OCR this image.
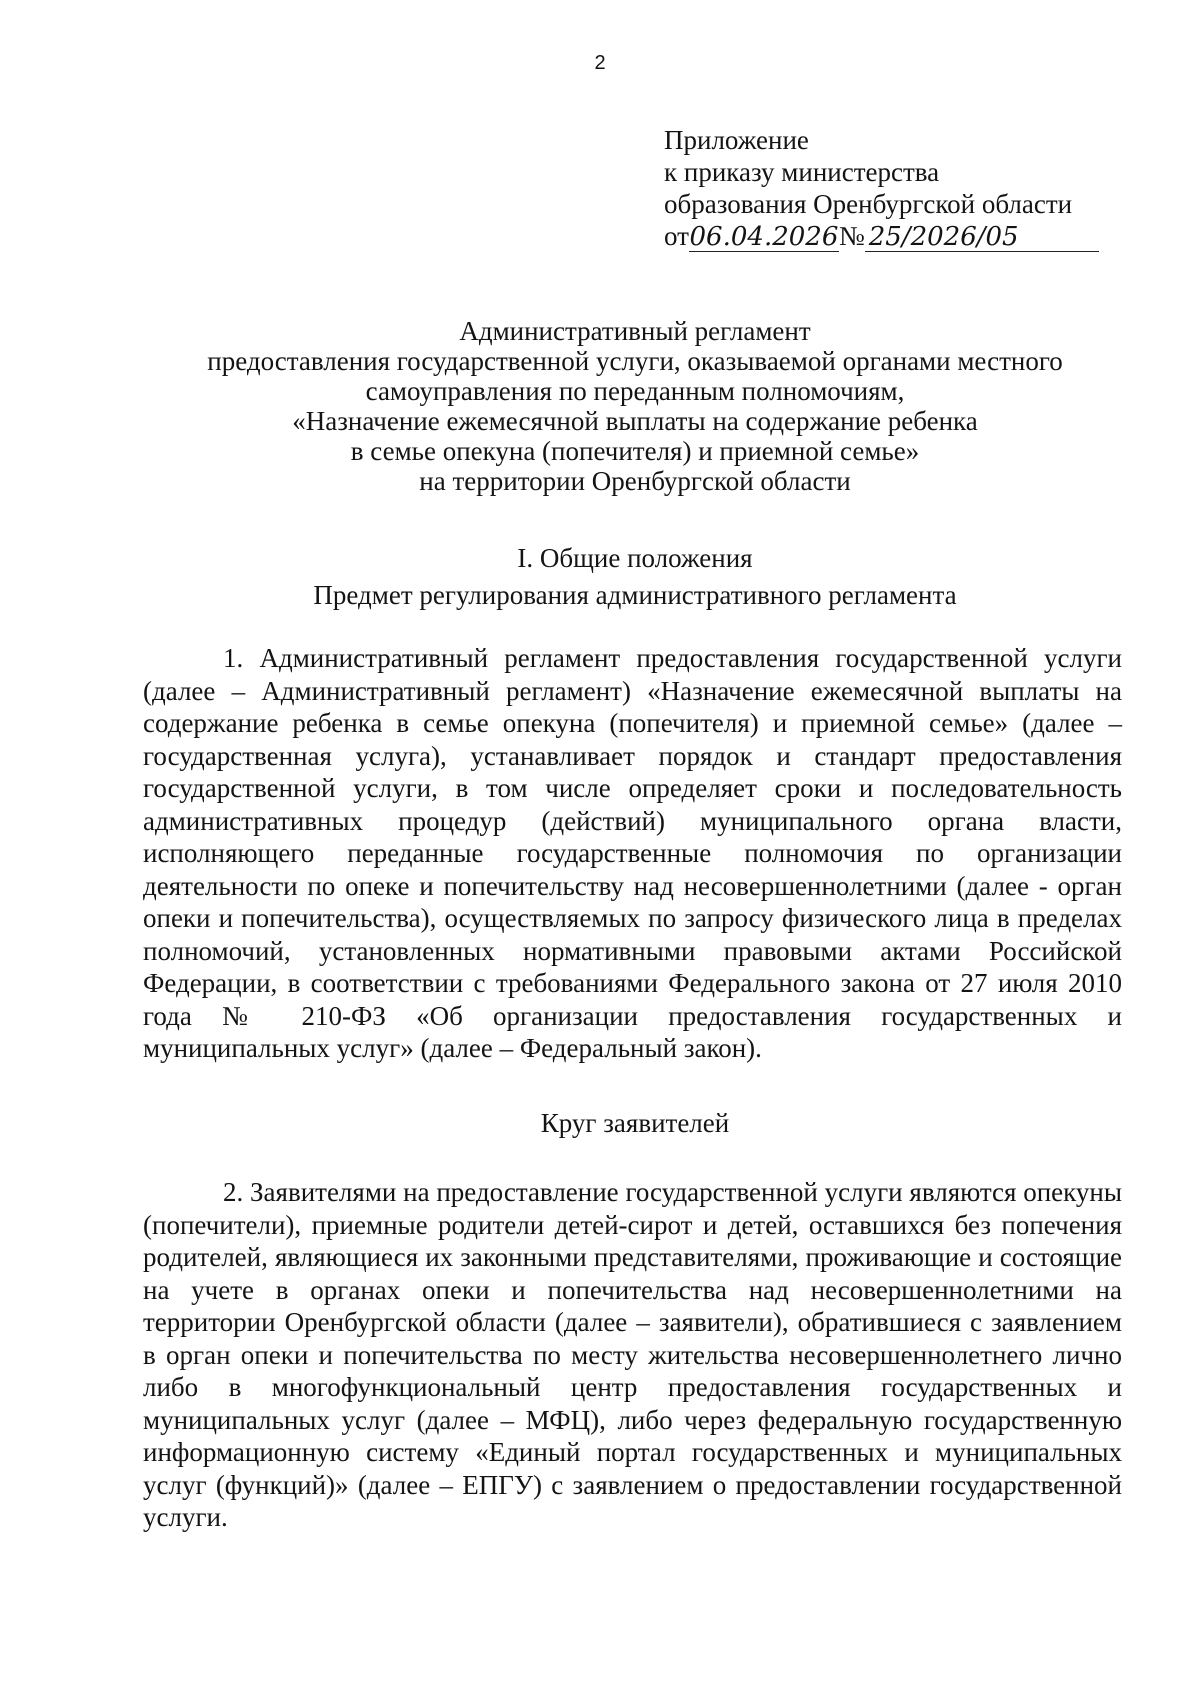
2
Приложение
к приказу министерства
образования Оренбургской области
от06.04.2026№ 25/2026/05
Административный регламент
предоставления государственной услуги, оказываемой органами местного
самоуправления по переданным полномочиям,
«Назначение ежемесячной выплаты на содержание ребенка
в семье опекуна (попечителя) и приемной семье»
на территории Оренбургской области
I. Общие положения
Предмет регулирования административного регламента
1. Административный регламент предоставления государственной услуги (далее – Административный регламент) «Назначение ежемесячной выплаты на содержание ребенка в семье опекуна (попечителя) и приемной семье» (далее – государственная услуга), устанавливает порядок и стандарт предоставления государственной услуги, в том числе определяет сроки и последовательность административных процедур (действий) муниципального органа власти, исполняющего переданные государственные полномочия по организации деятельности по опеке и попечительству над несовершеннолетними (далее - орган опеки и попечительства), осуществляемых по запросу физического лица в пределах полномочий, установленных нормативными правовыми актами Российской Федерации, в соответствии с требованиями Федерального закона от 27 июля 2010 года № 210-ФЗ «Об организации предоставления государственных и муниципальных услуг» (далее – Федеральный закон).
Круг заявителей
2. Заявителями на предоставление государственной услуги являются опекуны (попечители), приемные родители детей-сирот и детей, оставшихся без попечения родителей, являющиеся их законными представителями, проживающие и состоящие на учете в органах опеки и попечительства над несовершеннолетними на территории Оренбургской области (далее – заявители), обратившиеся с заявлением в орган опеки и попечительства по месту жительства несовершеннолетнего лично либо в многофункциональный центр предоставления государственных и муниципальных услуг (далее – МФЦ), либо через федеральную государственную информационную систему «Единый портал государственных и муниципальных услуг (функций)» (далее – ЕПГУ) с заявлением о предоставлении государственной услуги.
